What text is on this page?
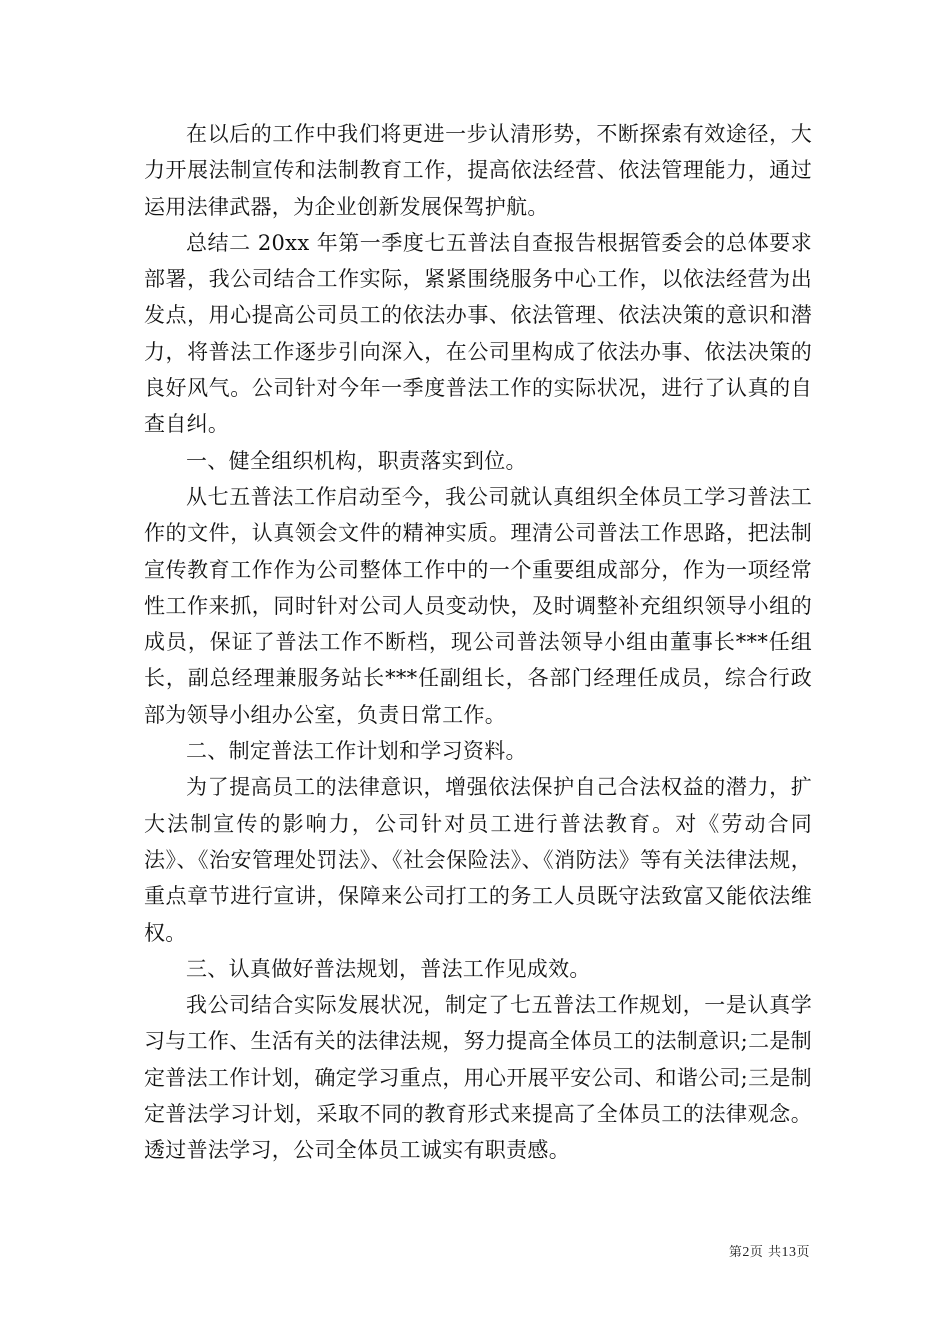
在以后的工作中我们将更进一步认清形势，不断探索有效途径，大力开展法制宣传和法制教育工作，提高依法经营、依法管理能力，通过运用法律武器，为企业创新发展保驾护航。

总结二 20xx 年第一季度七五普法自查报告根据管委会的总体要求部署，我公司结合工作实际，紧紧围绕服务中心工作，以依法经营为出发点，用心提高公司员工的依法办事、依法管理、依法决策的意识和潜力，将普法工作逐步引向深入，在公司里构成了依法办事、依法决策的良好风气。公司针对今年一季度普法工作的实际状况，进行了认真的自查自纠。

一、健全组织机构，职责落实到位。

从七五普法工作启动至今，我公司就认真组织全体员工学习普法工作的文件，认真领会文件的精神实质。理清公司普法工作思路，把法制宣传教育工作作为公司整体工作中的一个重要组成部分，作为一项经常性工作来抓，同时针对公司人员变动快，及时调整补充组织领导小组的成员，保证了普法工作不断档，现公司普法领导小组由董事长***任组长，副总经理兼服务站长***任副组长，各部门经理任成员，综合行政部为领导小组办公室，负责日常工作。

二、制定普法工作计划和学习资料。

为了提高员工的法律意识，增强依法保护自己合法权益的潜力，扩大法制宣传的影响力，公司针对员工进行普法教育。对《劳动合同法》、《治安管理处罚法》、《社会保险法》、《消防法》等有关法律法规，重点章节进行宣讲，保障来公司打工的务工人员既守法致富又能依法维权。

三、认真做好普法规划，普法工作见成效。

我公司结合实际发展状况，制定了七五普法工作规划，一是认真学习与工作、生活有关的法律法规，努力提高全体员工的法制意识;二是制定普法工作计划，确定学习重点，用心开展平安公司、和谐公司;三是制定普法学习计划，采取不同的教育形式来提高了全体员工的法律观念。透过普法学习，公司全体员工诚实有职责感。

第2页 共13页
